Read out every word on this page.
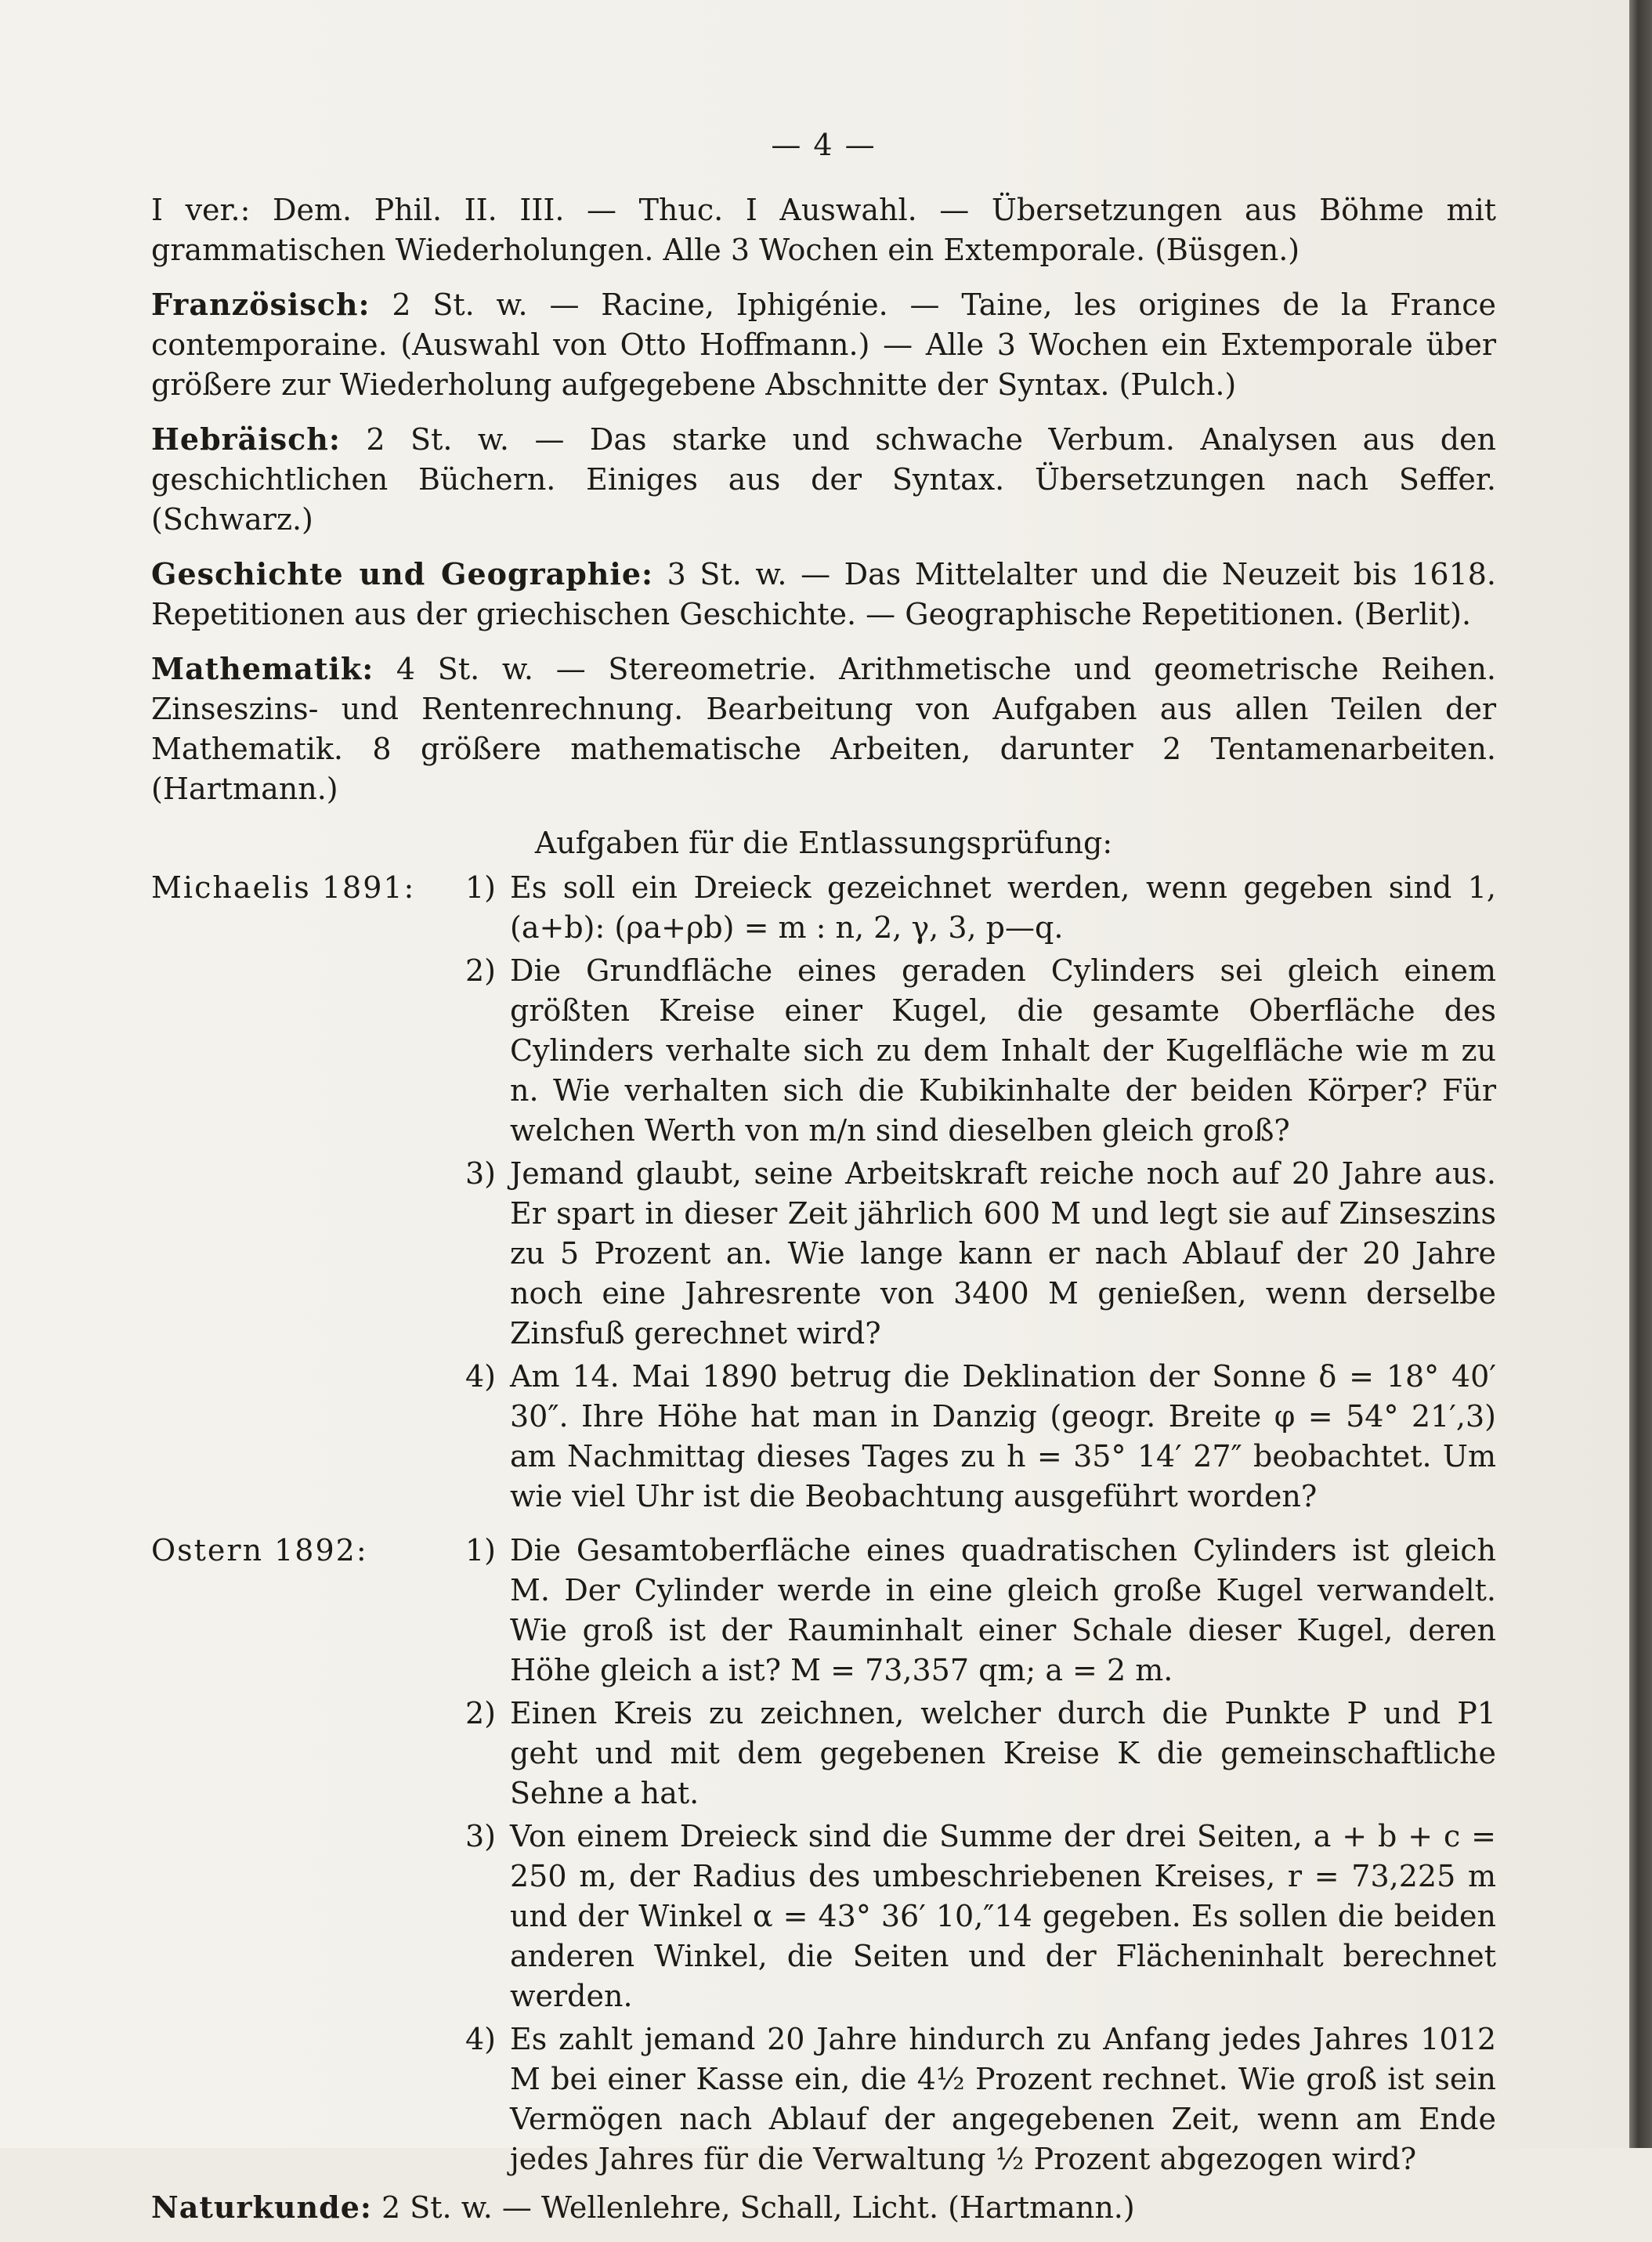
— 4 —

I ver.: Dem. Phil. II. III. — Thuc. I Auswahl. — Übersetzungen aus Böhme mit grammatischen Wiederholungen. Alle 3 Wochen ein Extemporale. (Büsgen.)

Französisch: 2 St. w. — Racine, Iphigénie. — Taine, les origines de la France contemporaine. (Auswahl von Otto Hoffmann.) — Alle 3 Wochen ein Extemporale über größere zur Wiederholung aufgegebene Abschnitte der Syntax. (Pulch.)

Hebräisch: 2 St. w. — Das starke und schwache Verbum. Analysen aus den geschichtlichen Büchern. Einiges aus der Syntax. Übersetzungen nach Seffer. (Schwarz.)

Geschichte und Geographie: 3 St. w. — Das Mittelalter und die Neuzeit bis 1618. Repetitionen aus der griechischen Geschichte. — Geographische Repetitionen. (Berlit).

Mathematik: 4 St. w. — Stereometrie. Arithmetische und geometrische Reihen. Zinseszins- und Rentenrechnung. Bearbeitung von Aufgaben aus allen Teilen der Mathematik. 8 größere mathematische Arbeiten, darunter 2 Tentamenarbeiten. (Hartmann.)

Aufgaben für die Entlassungsprüfung:
Michaelis 1891:	1) Es soll ein Dreieck gezeichnet werden, wenn gegeben sind 1, (a+b): (ρa+ρb) = m : n, 2, γ, 3, p—q.
2) Die Grundfläche eines geraden Cylinders sei gleich einem größten Kreise einer Kugel, die gesamte Oberfläche des Cylinders verhalte sich zu dem Inhalt der Kugelfläche wie m zu n. Wie verhalten sich die Kubikinhalte der beiden Körper? Für welchen Werth von m/n sind dieselben gleich groß?
3) Jemand glaubt, seine Arbeitskraft reiche noch auf 20 Jahre aus. Er spart in dieser Zeit jährlich 600 M und legt sie auf Zinseszins zu 5 Prozent an. Wie lange kann er nach Ablauf der 20 Jahre noch eine Jahresrente von 3400 M genießen, wenn derselbe Zinsfuß gerechnet wird?
4) Am 14. Mai 1890 betrug die Deklination der Sonne δ = 18° 40′ 30″. Ihre Höhe hat man in Danzig (geogr. Breite φ = 54° 21′,3) am Nachmittag dieses Tages zu h = 35° 14′ 27″ beobachtet. Um wie viel Uhr ist die Beobachtung ausgeführt worden?
Ostern 1892:	1) Die Gesamtoberfläche eines quadratischen Cylinders ist gleich M. Der Cylinder werde in eine gleich große Kugel verwandelt. Wie groß ist der Rauminhalt einer Schale dieser Kugel, deren Höhe gleich a ist? M = 73,357 qm; a = 2 m.
2) Einen Kreis zu zeichnen, welcher durch die Punkte P und P1 geht und mit dem gegebenen Kreise K die gemeinschaftliche Sehne a hat.
3) Von einem Dreieck sind die Summe der drei Seiten, a + b + c = 250 m, der Radius des umbeschriebenen Kreises, r = 73,225 m und der Winkel α = 43° 36′ 10,″14 gegeben. Es sollen die beiden anderen Winkel, die Seiten und der Flächeninhalt berechnet werden.
4) Es zahlt jemand 20 Jahre hindurch zu Anfang jedes Jahres 1012 M bei einer Kasse ein, die 4½ Prozent rechnet. Wie groß ist sein Vermögen nach Ablauf der angegebenen Zeit, wenn am Ende jedes Jahres für die Verwaltung ½ Prozent abgezogen wird?

Naturkunde: 2 St. w. — Wellenlehre, Schall, Licht. (Hartmann.)
